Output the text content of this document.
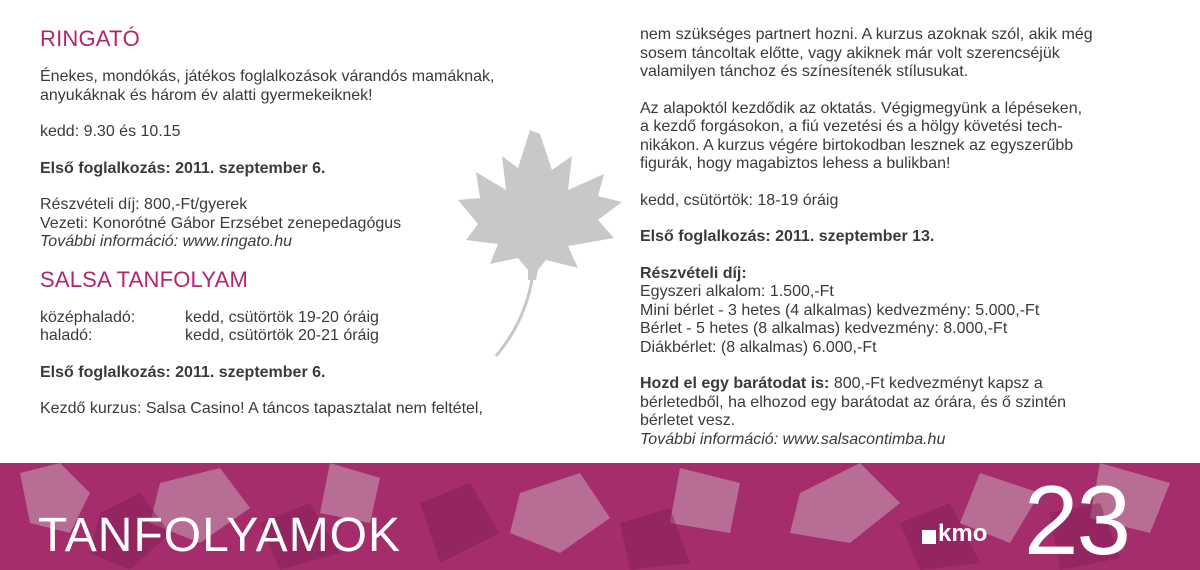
RINGATÓ
Énekes, mondókás, játékos foglalkozások várandós mamáknak,
anyukáknak és három év alatti gyermekeiknek!
kedd: 9.30 és 10.15
Első foglalkozás: 2011. szeptember 6.
Részvételi díj: 800,-Ft/gyerek
Vezeti: Konorótné Gábor Erzsébet zenepedagógus
További információ: www.ringato.hu
SALSA TANFOLYAM
középhaladó:	kedd, csütörtök 19-20 óráig
haladó:	kedd, csütörtök 20-21 óráig
Első foglalkozás: 2011. szeptember 6.
Kezdő kurzus: Salsa Casino! A táncos tapasztalat nem feltétel,
nem szükséges partnert hozni. A kurzus azoknak szól, akik még
sosem táncoltak előtte, vagy akiknek már volt szerencséjük
valamilyen tánchoz és színesítenék stílusukat.
Az alapoktól kezdődik az oktatás. Végigmegyünk a lépéseken,
a kezdő forgásokon, a fiú vezetési és a hölgy követési tech-
nikákon. A kurzus végére birtokodban lesznek az egyszerűbb
figurák, hogy magabiztos lehess a bulikban!
kedd, csütörtök: 18-19 óráig
Első foglalkozás: 2011. szeptember 13.
Részvételi díj:
Egyszeri alkalom: 1.500,-Ft
Mini bérlet - 3 hetes (4 alkalmas) kedvezmény: 5.000,-Ft
Bérlet - 5 hetes (8 alkalmas) kedvezmény: 8.000,-Ft
Diákbérlet: (8 alkalmas) 6.000,-Ft
Hozd el egy barátodat is: 800,-Ft kedvezményt kapsz a
bérletedből, ha elhozod egy barátodat az órára, és ő szintén
bérletet vesz.
További információ: www.salsacontimba.hu
TANFOLYAMOK	kmo 23
